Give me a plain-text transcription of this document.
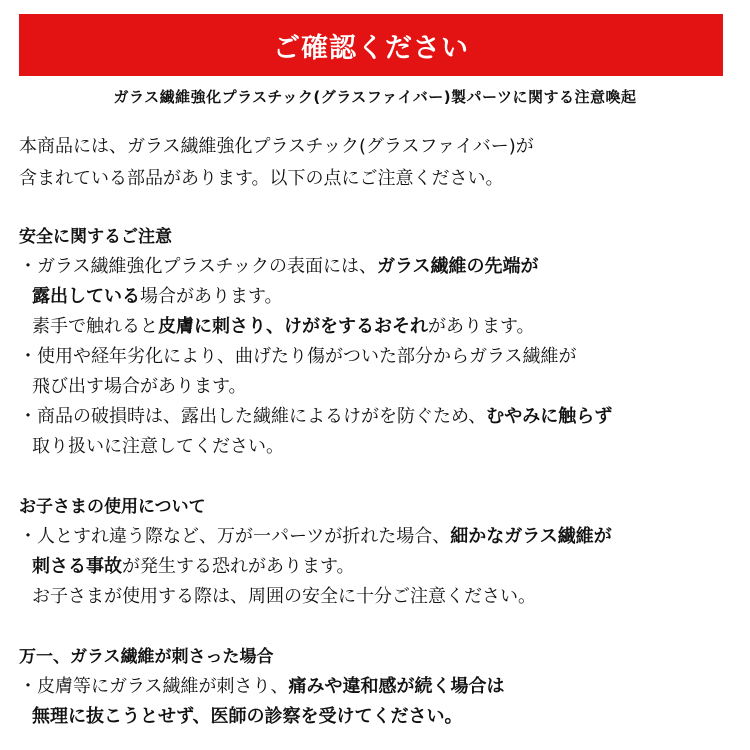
ご確認ください
ガラス繊維強化プラスチック(グラスファイバー)製パーツに関する注意喚起
本商品には、ガラス繊維強化プラスチック(グラスファイバー)が
含まれている部品があります。以下の点にご注意ください。
安全に関するご注意
・ガラス繊維強化プラスチックの表面には、ガラス繊維の先端が
露出している場合があります。
素手で触れると皮膚に刺さり、けがをするおそれがあります。
・使用や経年劣化により、曲げたり傷がついた部分からガラス繊維が
飛び出す場合があります。
・商品の破損時は、露出した繊維によるけがを防ぐため、むやみに触らず
取り扱いに注意してください。
お子さまの使用について
・人とすれ違う際など、万が一パーツが折れた場合、細かなガラス繊維が
刺さる事故が発生する恐れがあります。
お子さまが使用する際は、周囲の安全に十分ご注意ください。
万一、ガラス繊維が刺さった場合
・皮膚等にガラス繊維が刺さり、痛みや違和感が続く場合は
無理に抜こうとせず、医師の診察を受けてください。
